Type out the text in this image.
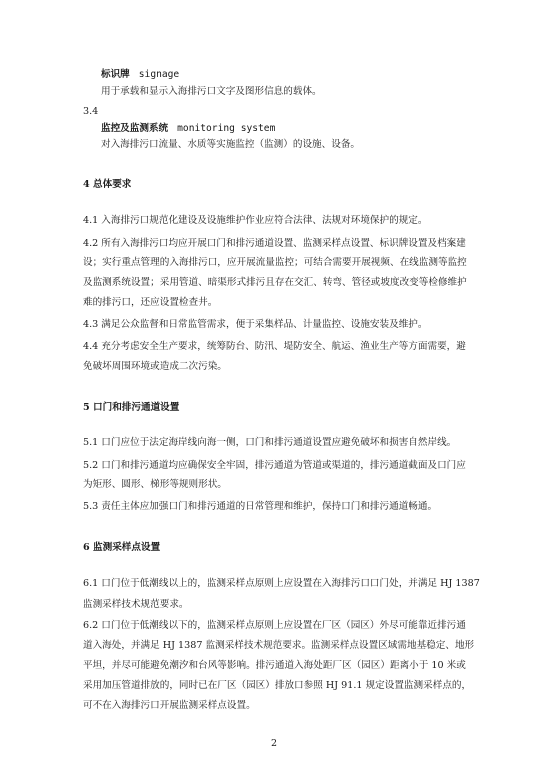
标识牌 signage
用于承载和显示入海排污口文字及图形信息的载体。
3.4
监控及监测系统 monitoring system
对入海排污口流量、水质等实施监控（监测）的设施、设备。
4 总体要求
4.1 入海排污口规范化建设及设施维护作业应符合法律、法规对环境保护的规定。
4.2 所有入海排污口均应开展口门和排污通道设置、监测采样点设置、标识牌设置及档案建
设；实行重点管理的入海排污口，应开展流量监控；可结合需要开展视频、在线监测等监控
及监测系统设置；采用管道、暗渠形式排污且存在交汇、转弯、管径或坡度改变等检修维护
难的排污口，还应设置检查井。
4.3 满足公众监督和日常监管需求，便于采集样品、计量监控、设施安装及维护。
4.4 充分考虑安全生产要求，统筹防台、防汛、堤防安全、航运、渔业生产等方面需要，避
免破坏周围环境或造成二次污染。
5 口门和排污通道设置
5.1 口门应位于法定海岸线向海一侧，口门和排污通道设置应避免破坏和损害自然岸线。
5.2 口门和排污通道均应确保安全牢固，排污通道为管道或渠道的，排污通道截面及口门应
为矩形、圆形、梯形等规则形状。
5.3 责任主体应加强口门和排污通道的日常管理和维护，保持口门和排污通道畅通。
6 监测采样点设置
6.1 口门位于低潮线以上的，监测采样点原则上应设置在入海排污口口门处，并满足 HJ 1387
监测采样技术规范要求。
6.2 口门位于低潮线以下的，监测采样点原则上应设置在厂区（园区）外尽可能靠近排污通
道入海处，并满足 HJ 1387 监测采样技术规范要求。监测采样点设置区域需地基稳定、地形
平坦，并尽可能避免潮汐和台风等影响。排污通道入海处距厂区（园区）距离小于 10 米或
采用加压管道排放的，同时已在厂区（园区）排放口参照 HJ 91.1 规定设置监测采样点的，
可不在入海排污口开展监测采样点设置。
2
